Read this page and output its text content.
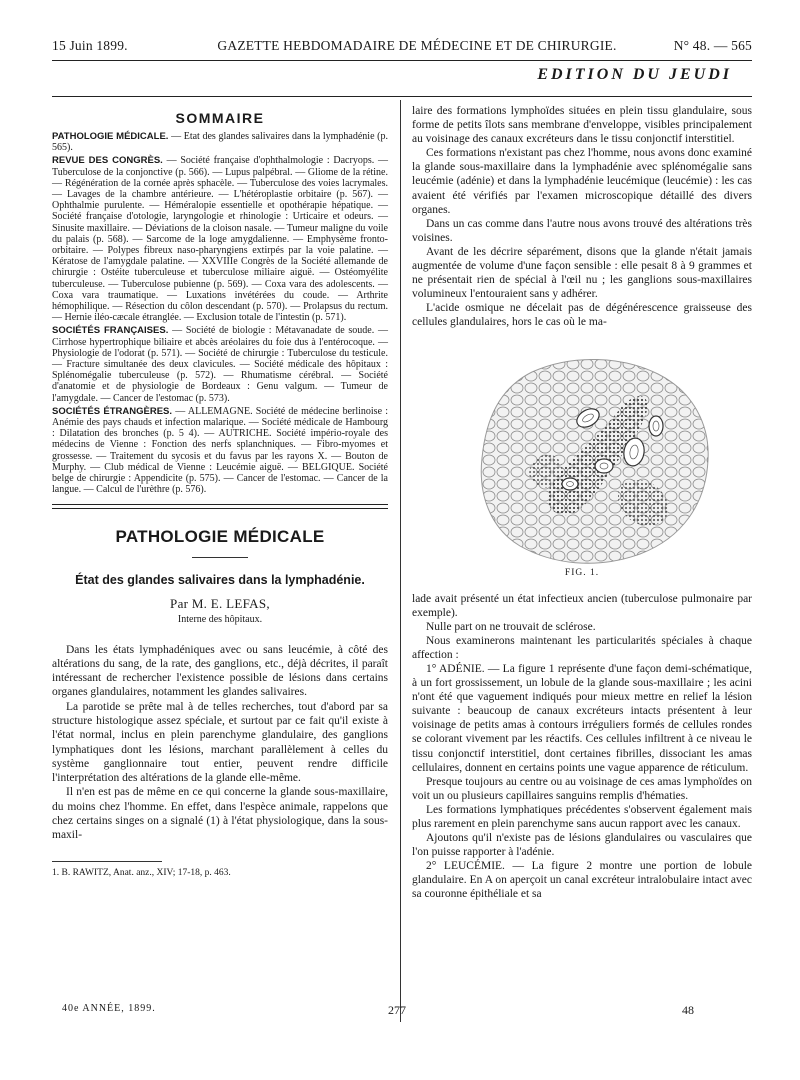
15 Juin 1899.	GAZETTE HEBDOMADAIRE DE MÉDECINE ET DE CHIRURGIE.	N° 48. — 565
EDITION DU JEUDI
SOMMAIRE

PATHOLOGIE MÉDICALE. — Etat des glandes salivaires dans la lymphadénie (p. 565).

REVUE DES CONGRÈS. — Société française d'ophthalmologie : Dacryops. — Tuberculose de la conjonctive (p. 566). — Lupus palpébral. — Gliome de la rétine. — Régénération de la cornée après sphacèle. — Tuberculose des voies lacrymales. — Lavages de la chambre antérieure. — L'hétéroplastie orbitaire (p. 567). — Ophthalmie purulente. — Héméralopie essentielle et opothérapie hépatique. — Société française d'otologie, laryngologie et rhinologie : Urticaire et odeurs. — Sinusite maxillaire. — Déviations de la cloison nasale. — Tumeur maligne du voile du palais (p. 568). — Sarcome de la loge amygdalienne. — Emphysème fronto-orbitaire. — Polypes fibreux naso-pharyngiens extirpés par la voie palatine. — Kératose de l'amygdale palatine. — XXVIIIe Congrès de la Société allemande de chirurgie : Ostéite tuberculeuse et tuberculose miliaire aiguë. — Ostéomyélite tuberculeuse. — Tuberculose pubienne (p. 569). — Coxa vara des adolescents. — Coxa vara traumatique. — Luxations invétérées du coude. — Arthrite hémophilique. — Résection du côlon descendant (p. 570). — Prolapsus du rectum. — Hernie iléo-cæcale étranglée. — Exclusion totale de l'intestin (p. 571).

SOCIÉTÉS FRANÇAISES. — Société de biologie : Métavanadate de soude. — Cirrhose hypertrophique biliaire et abcès aréolaires du foie dus à l'entérocoque. — Physiologie de l'odorat (p. 571). — Société de chirurgie : Tuberculose du testicule. — Fracture simultanée des deux clavicules. — Société médicale des hôpitaux : Splénomégalie tuberculeuse (p. 572). — Rhumatisme cérébral. — Société d'anatomie et de physiologie de Bordeaux : Genu valgum. — Tumeur de l'amygdale. — Cancer de l'estomac (p. 573).

SOCIÉTÉS ÉTRANGÈRES. — ALLEMAGNE. Société de médecine berlinoise : Anémie des pays chauds et infection malarique. — Société médicale de Hambourg : Dilatation des bronches (p. 5 4). — AUTRICHE. Société império-royale des médecins de Vienne : Fonction des nerfs splanchniques. — Fibro-myomes et grossesse. — Traitement du sycosis et du favus par les rayons X. — Bouton de Murphy. — Club médical de Vienne : Leucémie aiguë. — BELGIQUE. Société belge de chirurgie : Appendicite (p. 575). — Cancer de l'estomac. — Cancer de la langue. — Calcul de l'urèthre (p. 576).

PATHOLOGIE MÉDICALE
État des glandes salivaires dans la lymphadénie.
Par M. E. LEFAS,
Interne des hôpitaux.

Dans les états lymphadéniques avec ou sans leucémie, à côté des altérations du sang, de la rate, des ganglions, etc., déjà décrites, il paraît intéressant de rechercher l'existence possible de lésions dans certains organes glandulaires, notamment les glandes salivaires.

La parotide se prête mal à de telles recherches, tout d'abord par sa structure histologique assez spéciale, et surtout par ce fait qu'il existe à l'état normal, inclus en plein parenchyme glandulaire, des ganglions lymphatiques dont les lésions, marchant parallèlement à celles du système ganglionnaire tout entier, peuvent rendre difficile l'interprétation des altérations de la glande elle-même.

Il n'en est pas de même en ce qui concerne la glande sous-maxillaire, du moins chez l'homme. En effet, dans l'espèce animale, rappelons que chez certains singes on a signalé (1) à l'état physiologique, dans la sous-maxil-

1. B. RAWITZ, Anat. anz., XIV; 17-18, p. 463.

laire des formations lymphoïdes situées en plein tissu glandulaire, sous forme de petits îlots sans membrane d'enveloppe, visibles principalement au voisinage des canaux excréteurs dans le tissu conjonctif interstitiel.

Ces formations n'existant pas chez l'homme, nous avons donc examiné la glande sous-maxillaire dans la lymphadénie avec splénomégalie sans leucémie (adénie) et dans la lymphadénie leucémique (leucémie) : les cas avaient été vérifiés par l'examen microscopique détaillé des divers organes.

Dans un cas comme dans l'autre nous avons trouvé des altérations très voisines.

Avant de les décrire séparément, disons que la glande n'était jamais augmentée de volume d'une façon sensible : elle pesait 8 à 9 grammes et ne présentait rien de spécial à l'œil nu ; les ganglions sous-maxillaires volumineux l'entouraient sans y adhérer.

L'acide osmique ne décelait pas de dégénérescence graisseuse des cellules glandulaires, hors le cas où le ma-

FIG. 1.

lade avait présenté un état infectieux ancien (tuberculose pulmonaire par exemple).

Nulle part on ne trouvait de sclérose.

Nous examinerons maintenant les particularités spéciales à chaque affection :

1° ADÉNIE. — La figure 1 représente d'une façon demi-schématique, à un fort grossissement, un lobule de la glande sous-maxillaire ; les acini n'ont été que vaguement indiqués pour mieux mettre en relief la lésion suivante : beaucoup de canaux excréteurs intacts présentent à leur voisinage de petits amas à contours irréguliers formés de cellules rondes se colorant vivement par les réactifs. Ces cellules infiltrent à ce niveau le tissu conjonctif interstitiel, dont certaines fibrilles, dissociant les amas cellulaires, donnent en certains points une vague apparence de réticulum.

Presque toujours au centre ou au voisinage de ces amas lymphoïdes on voit un ou plusieurs capillaires sanguins remplis d'hématies.

Les formations lymphatiques précédentes s'observent également mais plus rarement en plein parenchyme sans aucun rapport avec les canaux.

Ajoutons qu'il n'existe pas de lésions glandulaires ou vasculaires que l'on puisse rapporter à l'adénie.

2° LEUCÉMIE. — La figure 2 montre une portion de lobule glandulaire. En A on aperçoit un canal excréteur intralobulaire intact avec sa couronne épithéliale et sa

40e ANNÉE, 1899.	277	48
